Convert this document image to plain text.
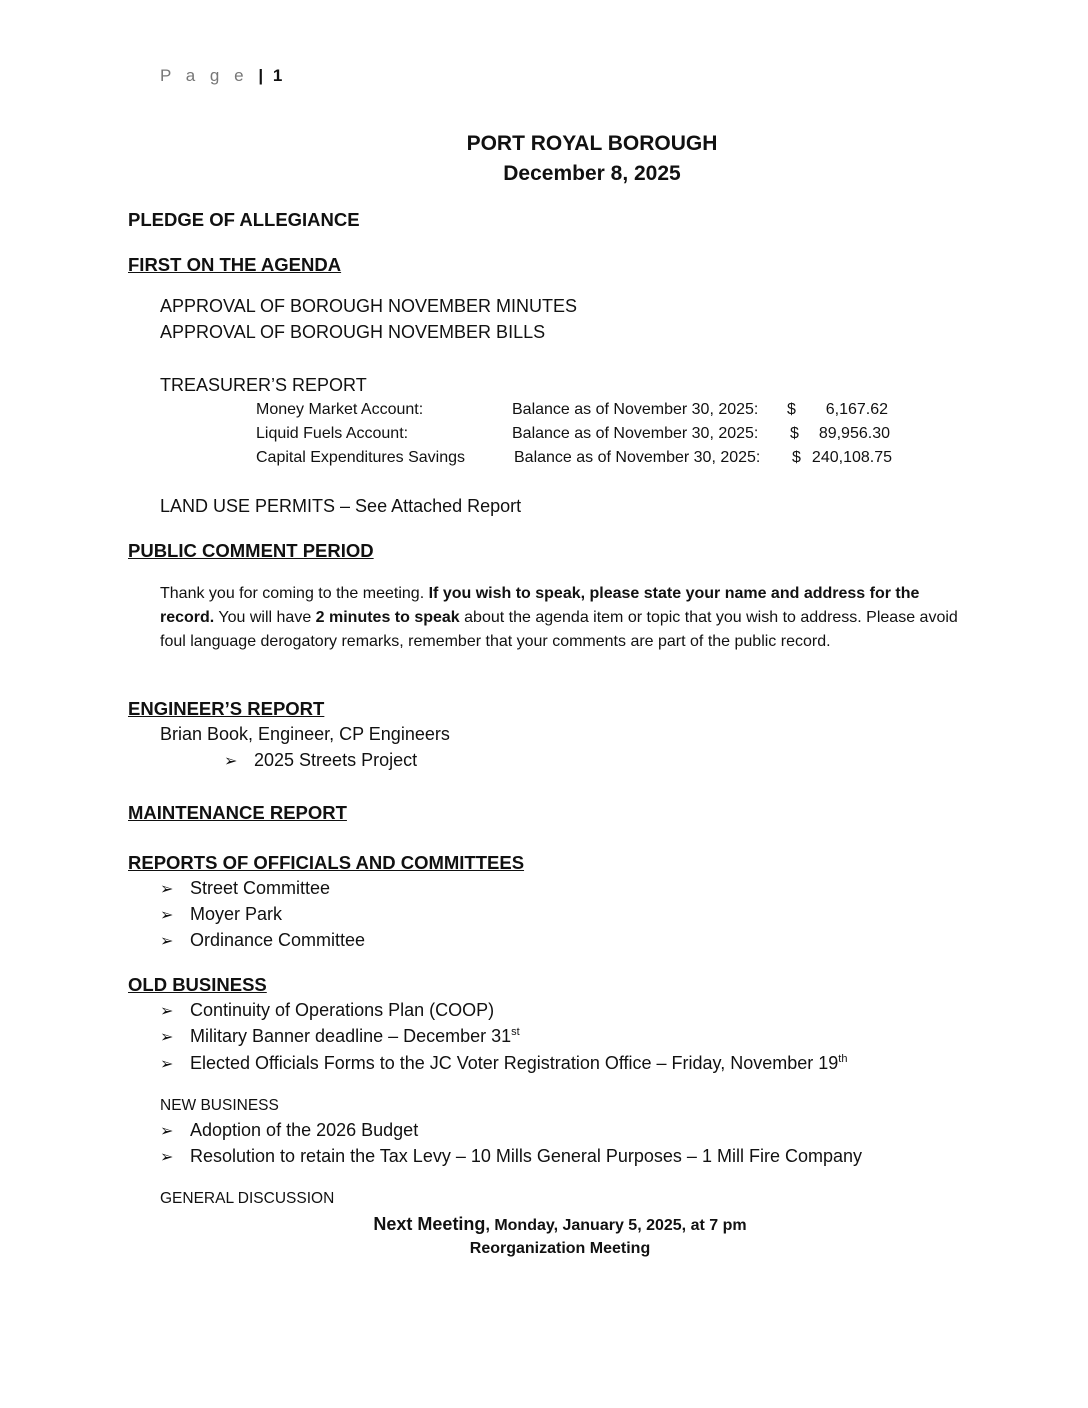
P a g e | 1
PORT ROYAL BOROUGH
December 8, 2025
PLEDGE OF ALLEGIANCE
FIRST ON THE AGENDA
APPROVAL OF BOROUGH NOVEMBER MINUTES
APPROVAL OF BOROUGH NOVEMBER BILLS
TREASURER’S REPORT
Money Market Account:	Balance as of November 30, 2025: $	6,167.62
Liquid Fuels Account:	Balance as of November 30, 2025: $	89,956.30
Capital Expenditures Savings	Balance as of November 30, 2025: $ 240,108.75
LAND USE PERMITS – See Attached Report
PUBLIC COMMENT PERIOD
Thank you for coming to the meeting. If you wish to speak, please state your name and address for the record. You will have 2 minutes to speak about the agenda item or topic that you wish to address. Please avoid foul language derogatory remarks, remember that your comments are part of the public record.
ENGINEER’S REPORT
Brian Book, Engineer, CP Engineers
➢ 2025 Streets Project
MAINTENANCE REPORT
REPORTS OF OFFICIALS AND COMMITTEES
➢ Street Committee
➢ Moyer Park
➢ Ordinance Committee
OLD BUSINESS
➢ Continuity of Operations Plan (COOP)
➢ Military Banner deadline – December 31st
➢ Elected Officials Forms to the JC Voter Registration Office – Friday, November 19th
NEW BUSINESS
➢ Adoption of the 2026 Budget
➢ Resolution to retain the Tax Levy – 10 Mills General Purposes – 1 Mill Fire Company
GENERAL DISCUSSION
Next Meeting, Monday, January 5, 2025, at 7 pm
Reorganization Meeting
